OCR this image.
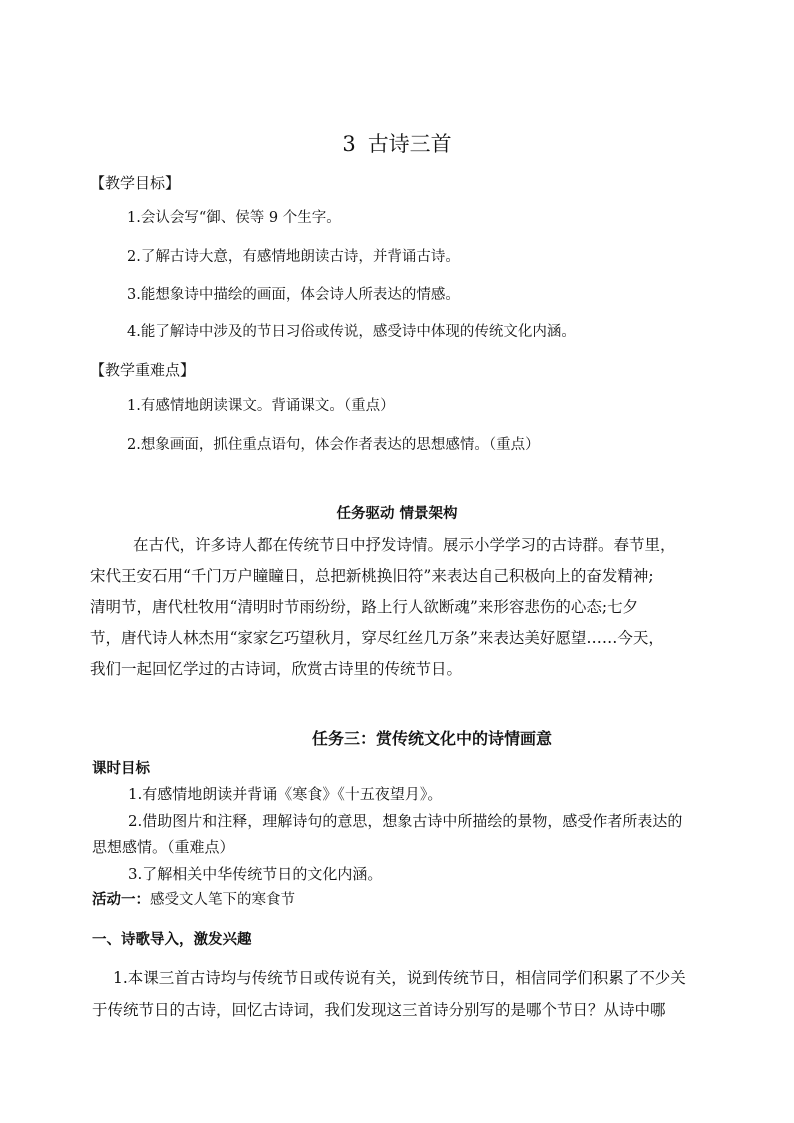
3 古诗三首
【教学目标】
1.会认会写“御、侯等 9 个生字。
2.了解古诗大意，有感情地朗读古诗，并背诵古诗。
3.能想象诗中描绘的画面，体会诗人所表达的情感。
4.能了解诗中涉及的节日习俗或传说，感受诗中体现的传统文化内涵。
【教学重难点】
1.有感情地朗读课文。背诵课文。（重点）
2.想象画面，抓住重点语句，体会作者表达的思想感情。（重点）
任务驱动 情景架构
在古代，许多诗人都在传统节日中抒发诗情。展示小学学习的古诗群。春节里，
宋代王安石用“千门万户瞳瞳日，总把新桃换旧符”来表达自己积极向上的奋发精神;
清明节，唐代杜牧用“清明时节雨纷纷，路上行人欲断魂”来形容悲伤的心态;七夕
节，唐代诗人林杰用“家家乞巧望秋月，穿尽红丝几万条”来表达美好愿望……今天，
我们一起回忆学过的古诗词，欣赏古诗里的传统节日。
任务三：赏传统文化中的诗情画意
课时目标
1.有感情地朗读并背诵《寒食》《十五夜望月》。
2.借助图片和注释，理解诗句的意思，想象古诗中所描绘的景物，感受作者所表达的
思想感情。（重难点）
3.了解相关中华传统节日的文化内涵。
活动一：感受文人笔下的寒食节
一、诗歌导入，激发兴趣
1.本课三首古诗均与传统节日或传说有关，说到传统节日，相信同学们积累了不少关
于传统节日的古诗，回忆古诗词，我们发现这三首诗分别写的是哪个节日？从诗中哪
